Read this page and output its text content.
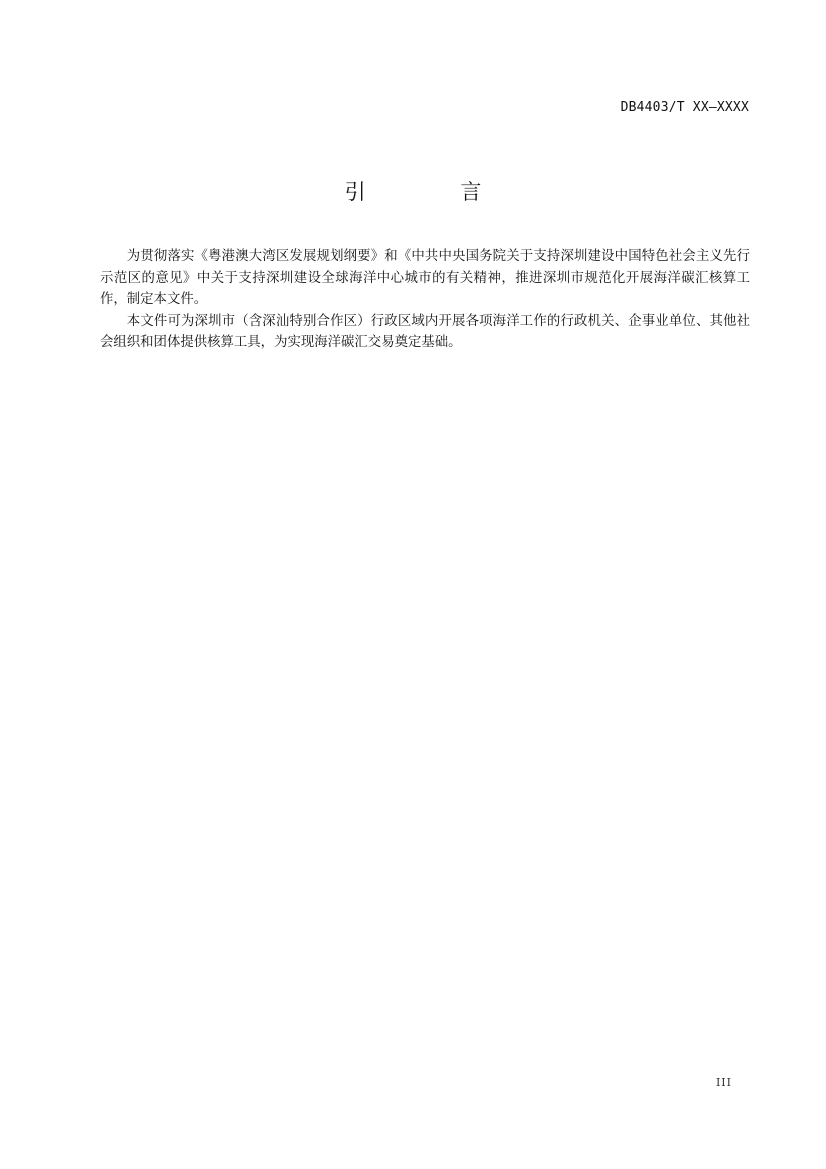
DB4403/T XX—XXXX
引 言

为贯彻落实《粤港澳大湾区发展规划纲要》和《中共中央国务院关于支持深圳建设中国特色社会主义先行示范区的意见》中关于支持深圳建设全球海洋中心城市的有关精神，推进深圳市规范化开展海洋碳汇核算工作，制定本文件。

本文件可为深圳市（含深汕特别合作区）行政区域内开展各项海洋工作的行政机关、企事业单位、其他社会组织和团体提供核算工具，为实现海洋碳汇交易奠定基础。

III
